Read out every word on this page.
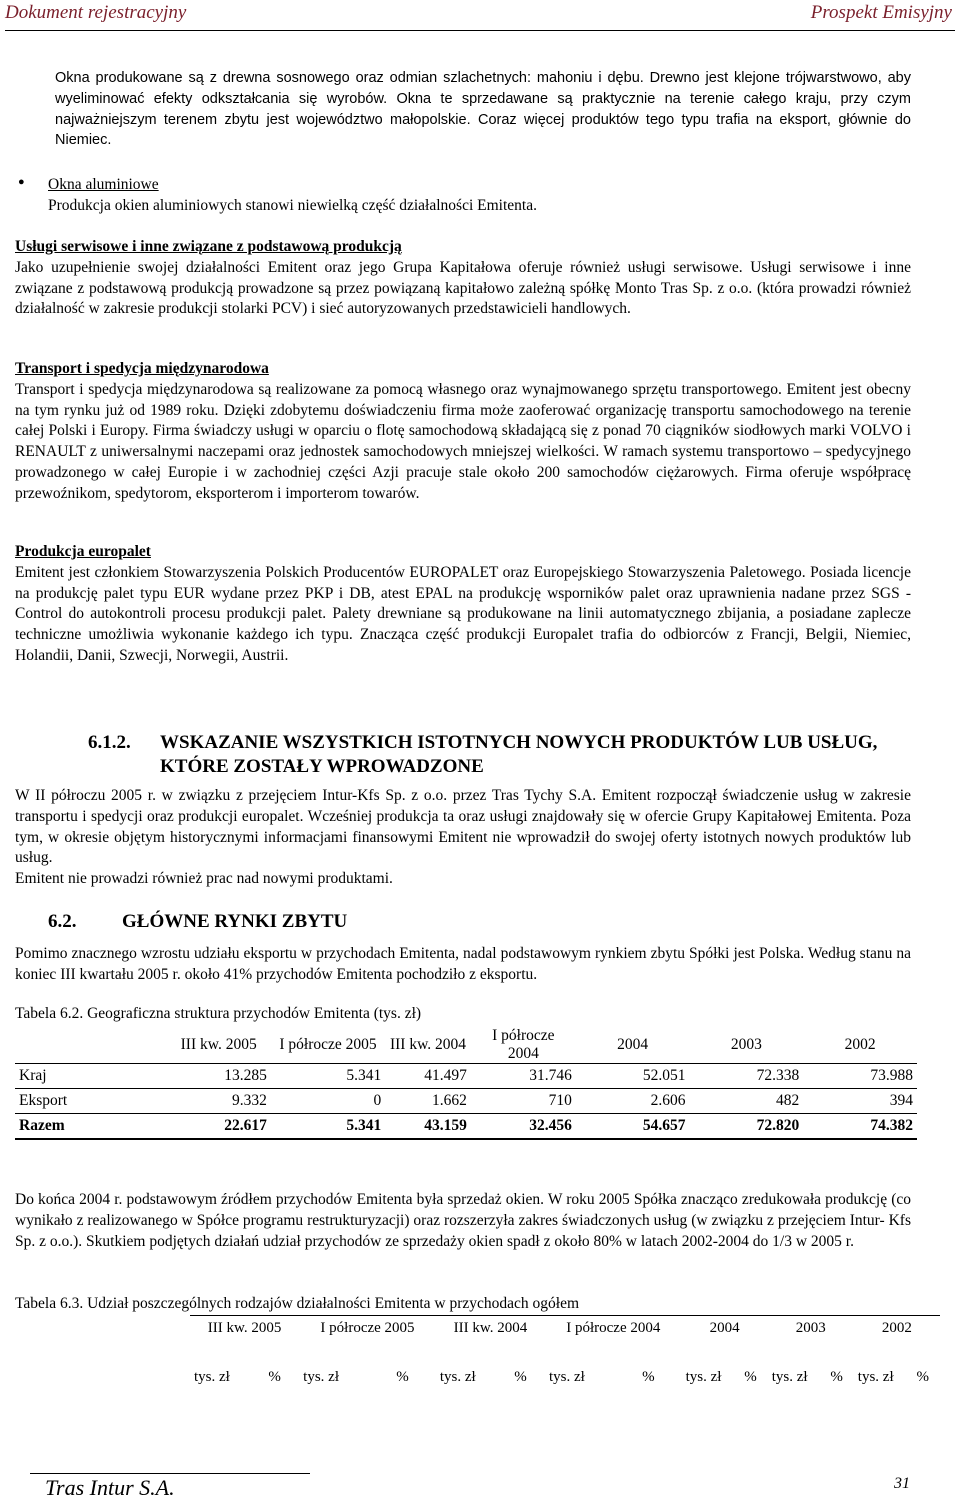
Dokument rejestracyjny	Prospekt Emisyjny

Okna produkowane są z drewna sosnowego oraz odmian szlachetnych: mahoniu i dębu. Drewno jest klejone trójwarstwowo, aby wyeliminować efekty odkształcania się wyrobów. Okna te sprzedawane są praktycznie na terenie całego kraju, przy czym najważniejszym terenem zbytu jest województwo małopolskie. Coraz więcej produktów tego typu trafia na eksport, głównie do Niemiec.

● Okna aluminiowe
Produkcja okien aluminiowych stanowi niewielką część działalności Emitenta.
Usługi serwisowe i inne związane z podstawową produkcją
Jako uzupełnienie swojej działalności Emitent oraz jego Grupa Kapitałowa oferuje również usługi serwisowe. Usługi serwisowe i inne związane z podstawową produkcją prowadzone są przez powiązaną kapitałowo zależną spółkę Monto Tras Sp. z o.o. (która prowadzi również działalność w zakresie produkcji stolarki PCV) i sieć autoryzowanych przedstawicieli handlowych.
Transport i spedycja międzynarodowa
Transport i spedycja międzynarodowa są realizowane za pomocą własnego oraz wynajmowanego sprzętu transportowego. Emitent jest obecny na tym rynku już od 1989 roku. Dzięki zdobytemu doświadczeniu firma może zaoferować organizację transportu samochodowego na terenie całej Polski i Europy. Firma świadczy usługi w oparciu o flotę samochodową składającą się z ponad 70 ciągników siodłowych marki VOLVO i RENAULT z uniwersalnymi naczepami oraz jednostek samochodowych mniejszej wielkości. W ramach systemu transportowo – spedycyjnego prowadzonego w całej Europie i w zachodniej części Azji pracuje stale około 200 samochodów ciężarowych. Firma oferuje współpracę przewoźnikom, spedytorom, eksporterom i importerom towarów.
Produkcja europalet
Emitent jest członkiem Stowarzyszenia Polskich Producentów EUROPALET oraz Europejskiego Stowarzyszenia Paletowego. Posiada licencje na produkcję palet typu EUR wydane przez PKP i DB, atest EPAL na produkcję wsporników palet oraz uprawnienia nadane przez SGS - Control do autokontroli procesu produkcji palet. Palety drewniane są produkowane na linii automatycznego zbijania, a posiadane zaplecze techniczne umożliwia wykonanie każdego ich typu. Znacząca część produkcji Europalet trafia do odbiorców z Francji, Belgii, Niemiec, Holandii, Danii, Szwecji, Norwegii, Austrii.
6.1.2. WSKAZANIE WSZYSTKICH ISTOTNYCH NOWYCH PRODUKTÓW LUB USŁUG, KTÓRE ZOSTAŁY WPROWADZONE
W II półroczu 2005 r. w związku z przejęciem Intur-Kfs Sp. z o.o. przez Tras Tychy S.A. Emitent rozpoczął świadczenie usług w zakresie transportu i spedycji oraz produkcji europalet. Wcześniej produkcja ta oraz usługi znajdowały się w ofercie Grupy Kapitałowej Emitenta. Poza tym, w okresie objętym historycznymi informacjami finansowymi Emitent nie wprowadził do swojej oferty istotnych nowych produktów lub usług.
Emitent nie prowadzi również prac nad nowymi produktami.
6.2. GŁÓWNE RYNKI ZBYTU

Pomimo znacznego wzrostu udziału eksportu w przychodach Emitenta, nadal podstawowym rynkiem zbytu Spółki jest Polska. Według stanu na koniec III kwartału 2005 r. około 41% przychodów Emitenta pochodziło z eksportu.

Tabela 6.2. Geograficzna struktura przychodów Emitenta (tys. zł)
	III kw. 2005	I półrocze 2005	III kw. 2004	I półrocze 2004	2004	2003	2002
Kraj	13.285	5.341	41.497	31.746	52.051	72.338	73.988
Eksport	9.332	0	1.662	710	2.606	482	394
Razem	22.617	5.341	43.159	32.456	54.657	72.820	74.382

Do końca 2004 r. podstawowym źródłem przychodów Emitenta była sprzedaż okien. W roku 2005 Spółka znacząco zredukowała produkcję (co wynikało z realizowanego w Spółce programu restrukturyzacji) oraz rozszerzyła zakres świadczonych usług (w związku z przejęciem Intur- Kfs Sp. z o.o.). Skutkiem podjętych działań udział przychodów ze sprzedaży okien spadł z około 80% w latach 2002-2004 do 1/3 w 2005 r.

Tabela 6.3. Udział poszczególnych rodzajów działalności Emitenta w przychodach ogółem
III kw. 2005		I półrocze 2005		III kw. 2004		I półrocze 2004		2004		2003		2002	
tys. zł	%	tys. zł	%	tys. zł	%	tys. zł	%	tys. zł	%	tys. zł	%	tys. zł	%
Tras Intur S.A.	31
